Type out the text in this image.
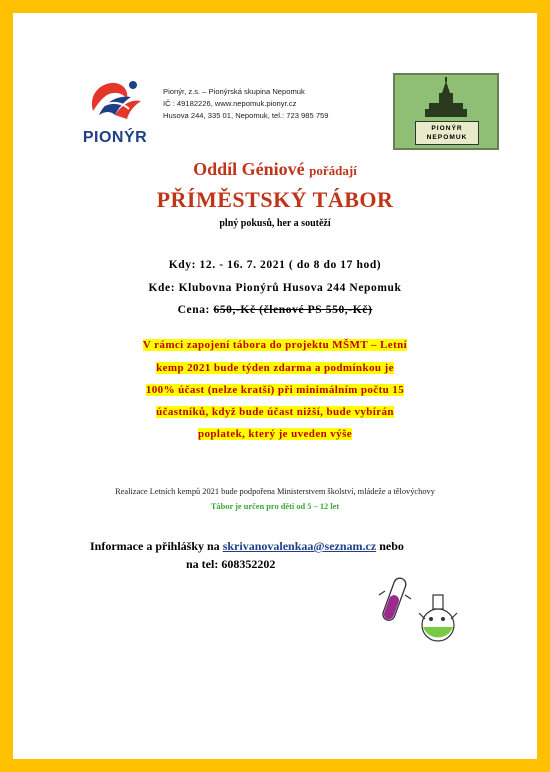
PIONÝR
Pionýr, z.s. – Pionýrská skupina Nepomuk
IČ : 49182226, www.nepomuk.pionyr.cz
Husova 244, 335 01, Nepomuk, tel.: 723 985 759
PIONÝR
NEPOMUK
Oddíl Géniové pořádají
PŘÍMĚSTSKÝ TÁBOR
plný pokusů, her a soutěží
Kdy: 12. - 16. 7. 2021 ( do 8 do 17 hod)
Kde: Klubovna Pionýrů Husova 244 Nepomuk
Cena: 650,-Kč (členové PS 550,-Kč)
V rámci zapojení tábora do projektu MŠMT – Letní
kemp 2021 bude týden zdarma a podmínkou je
100% účast (nelze kratší) při minimálním počtu 15
účastníků, když bude účast nižší, bude vybírán
poplatek, který je uveden výše
Realizace Letních kempů 2021 bude podpořena Ministerstvem školství, mládeže a tělovýchovy
Tábor je určen pro děti od 5 – 12 let
Informace a přihlášky na skrivanovalenkaa@seznam.cz nebo
na tel: 608352202
